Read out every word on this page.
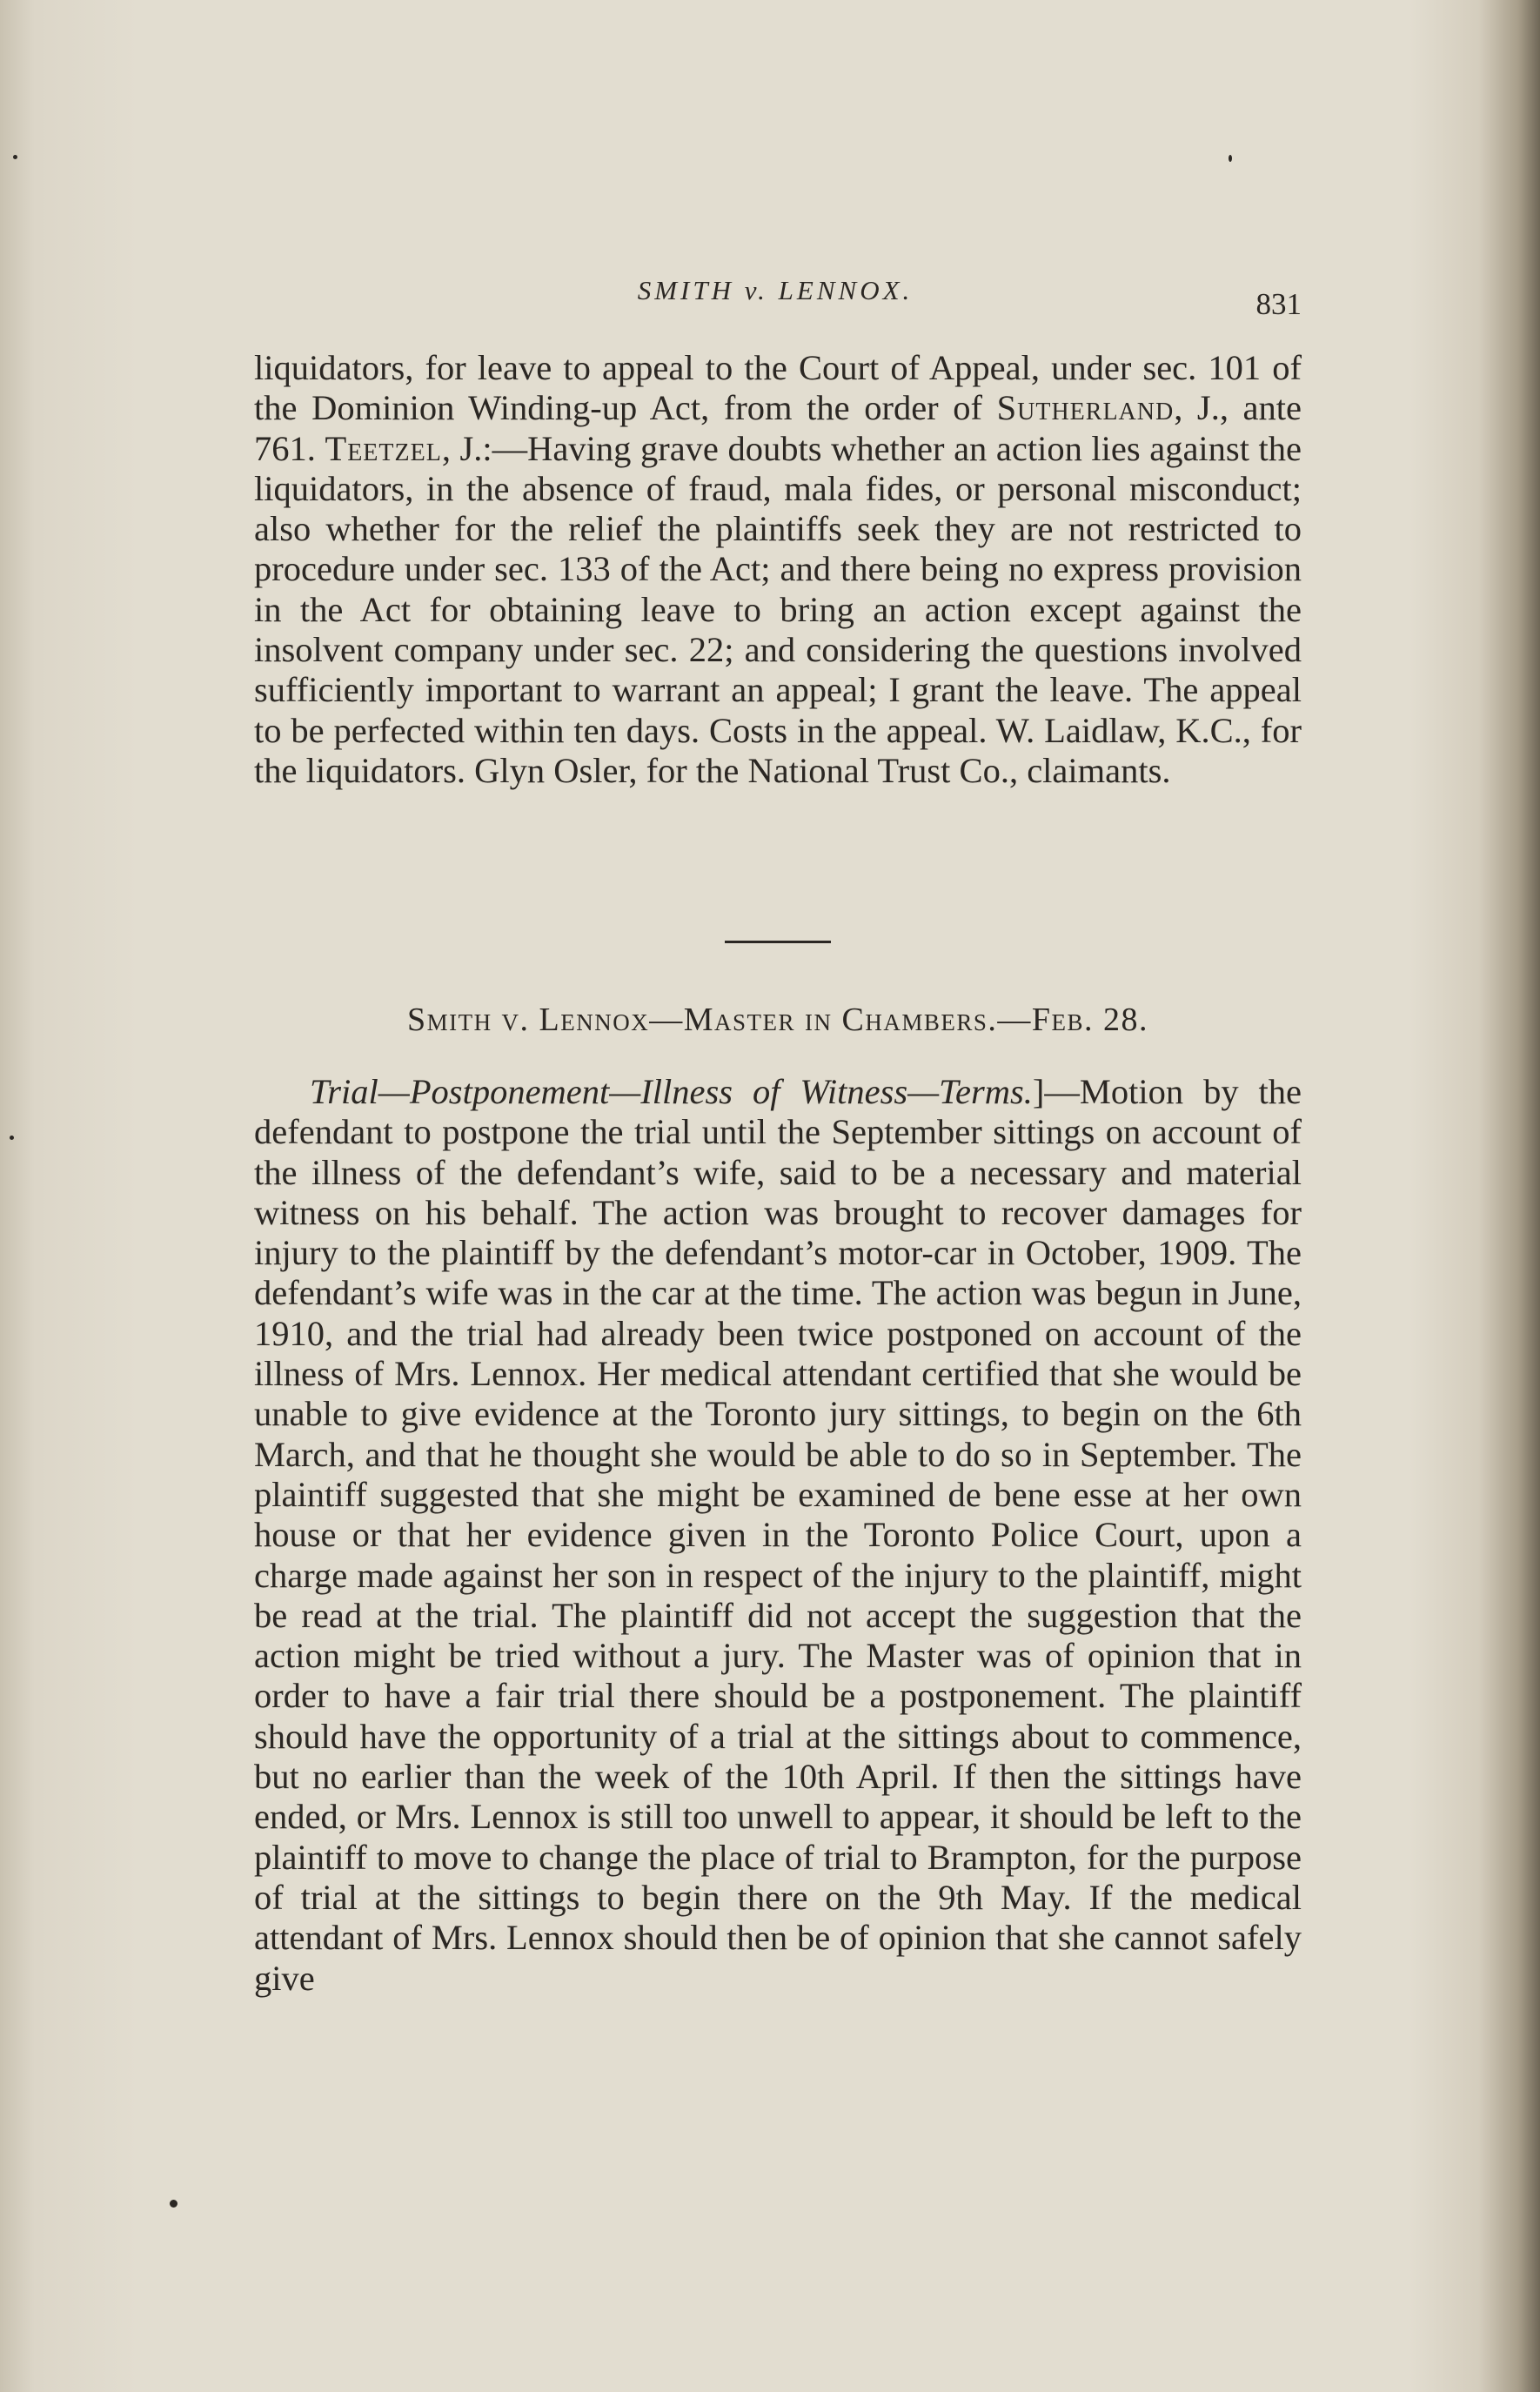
SMITH v. LENNOX.	831

liquidators, for leave to appeal to the Court of Appeal, under sec. 101 of the Dominion Winding-up Act, from the order of Sutherland, J., ante 761. Teetzel, J.:—Having grave doubts whether an action lies against the liquidators, in the absence of fraud, mala fides, or personal misconduct; also whether for the relief the plaintiffs seek they are not restricted to procedure under sec. 133 of the Act; and there being no express provision in the Act for obtaining leave to bring an action except against the insolvent company under sec. 22; and considering the questions involved sufficiently important to warrant an appeal; I grant the leave. The appeal to be perfected within ten days. Costs in the appeal. W. Laidlaw, K.C., for the liquidators. Glyn Osler, for the National Trust Co., claimants.

Smith v. Lennox—Master in Chambers.—Feb. 28.

Trial—Postponement—Illness of Witness—Terms.]—Motion by the defendant to postpone the trial until the September sittings on account of the illness of the defendant’s wife, said to be a necessary and material witness on his behalf. The action was brought to recover damages for injury to the plaintiff by the defendant’s motor-car in October, 1909. The defendant’s wife was in the car at the time. The action was begun in June, 1910, and the trial had already been twice postponed on account of the illness of Mrs. Lennox. Her medical attendant certified that she would be unable to give evidence at the Toronto jury sittings, to begin on the 6th March, and that he thought she would be able to do so in September. The plaintiff suggested that she might be examined de bene esse at her own house or that her evidence given in the Toronto Police Court, upon a charge made against her son in respect of the injury to the plaintiff, might be read at the trial. The plaintiff did not accept the suggestion that the action might be tried without a jury. The Master was of opinion that in order to have a fair trial there should be a postponement. The plaintiff should have the opportunity of a trial at the sittings about to commence, but no earlier than the week of the 10th April. If then the sittings have ended, or Mrs. Lennox is still too unwell to appear, it should be left to the plaintiff to move to change the place of trial to Brampton, for the purpose of trial at the sittings to begin there on the 9th May. If the medical attendant of Mrs. Lennox should then be of opinion that she cannot safely give
